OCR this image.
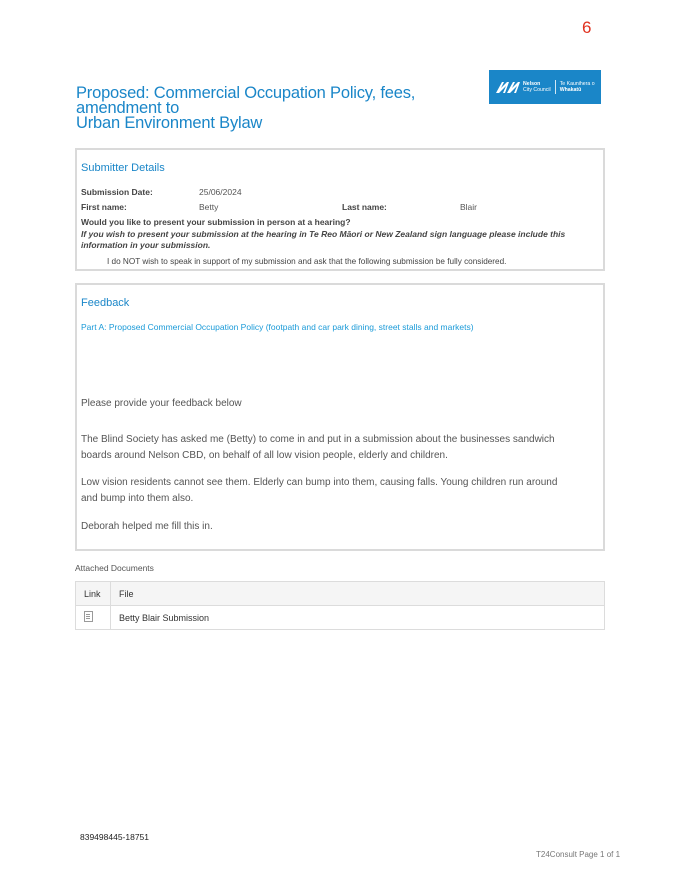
6
Proposed: Commercial Occupation Policy, fees, amendment to
Urban Environment Bylaw
Nelson
City Council
Te Kaunihera o
Whakatū
Submitter Details
Submission Date:	25/06/2024
First name:	Betty	Last name:	Blair
Would you like to present your submission in person at a hearing?
If you wish to present your submission at the hearing in Te Reo Māori or New Zealand sign language please include this information in your submission.
I do NOT wish to speak in support of my submission and ask that the following submission be fully considered.
Feedback
Part A: Proposed Commercial Occupation Policy (footpath and car park dining, street stalls and markets)
Please provide your feedback below
The Blind Society has asked me (Betty) to come in and put in a submission about the businesses sandwich boards around Nelson CBD, on behalf of all low vision people, elderly and children.
Low vision residents cannot see them. Elderly can bump into them, causing falls. Young children run around and bump into them also.
Deborah helped me fill this in.
Attached Documents
Link	File
	Betty Blair Submission
839498445-18751
T24Consult Page 1 of 1
